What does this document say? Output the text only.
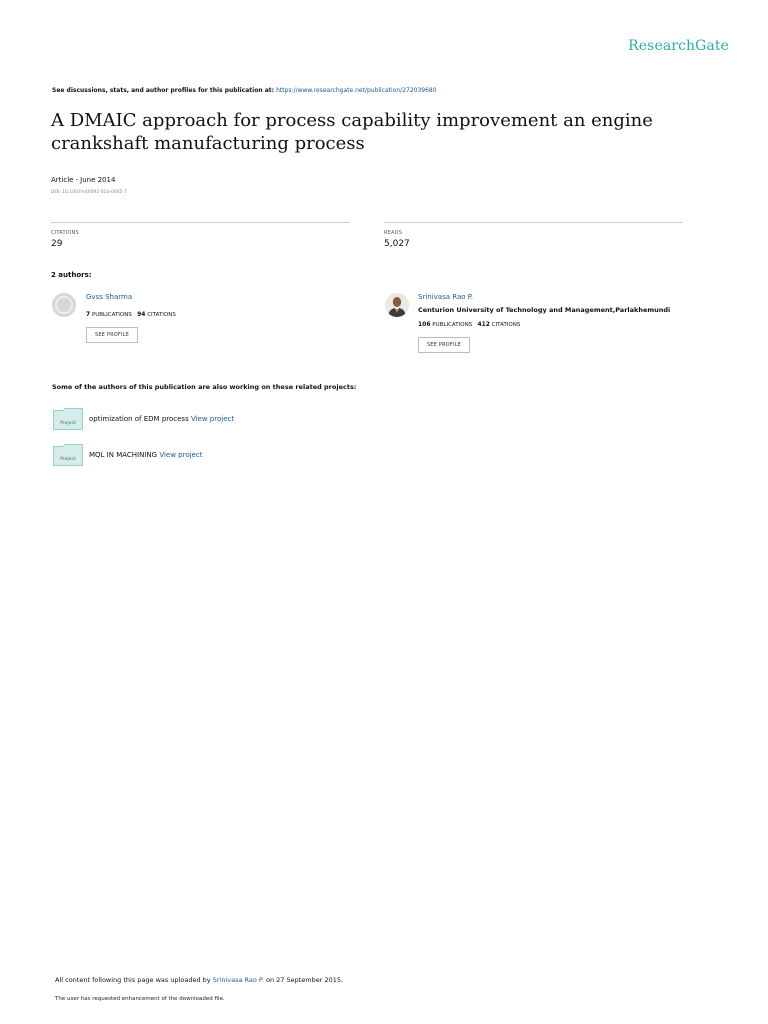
ResearchGate
See discussions, stats, and author profiles for this publication at: https://www.researchgate.net/publication/272039680
A DMAIC approach for process capability improvement an engine crankshaft manufacturing process
Article · June 2014
DOI: 10.1007/s40092-014-0065-7
CITATIONS
29
READS
5,027
2 authors:
Gvss Sharma
7 PUBLICATIONS 94 CITATIONS
SEE PROFILE
Srinivasa Rao P.
Centurion University of Technology and Management,Parlakhemundi
106 PUBLICATIONS 412 CITATIONS
SEE PROFILE
Some of the authors of this publication are also working on these related projects:
Project
optimization of EDM process View project
Project
MQL IN MACHINING View project
All content following this page was uploaded by Srinivasa Rao P. on 27 September 2015.
The user has requested enhancement of the downloaded file.
